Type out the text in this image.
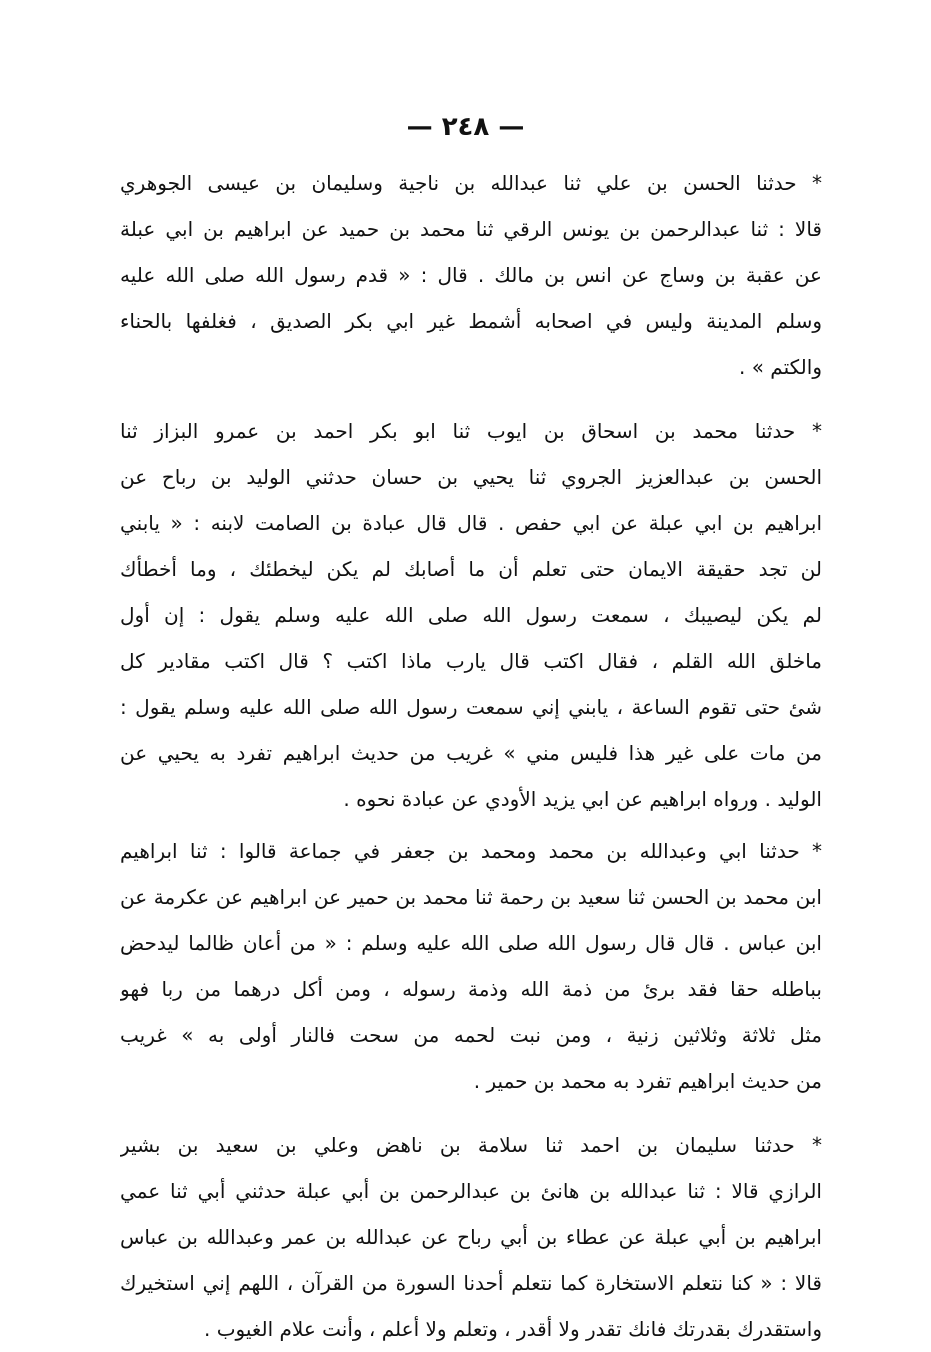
— ٢٤٨ —
* حدثنا الحسن بن علي ثنا عبدالله بن ناجية وسليمان بن عيسى الجوهري
قالا : ثنا عبدالرحمن بن يونس الرقي ثنا محمد بن حميد عن ابراهيم بن ابي عبلة
عن عقبة بن وساج عن انس بن مالك . قال : « قدم رسول الله صلى الله عليه
وسلم المدينة وليس في اصحابه أشمط غير ابي بكر الصديق ، فغلفها بالحناء
والكتم » .
* حدثنا محمد بن اسحاق بن ايوب ثنا ابو بكر احمد بن عمرو البزاز ثنا
الحسن بن عبدالعزيز الجروي ثنا يحيي بن حسان حدثني الوليد بن رباح عن
ابراهيم بن ابي عبلة عن ابي حفص . قال قال عبادة بن الصامت لابنه : « يابني
لن تجد حقيقة الايمان حتى تعلم أن ما أصابك لم يكن ليخطئك ، وما أخطأك
لم يكن ليصيبك ، سمعت رسول الله صلى الله عليه وسلم يقول : إن أول
ماخلق الله القلم ، فقال اكتب قال يارب ماذا اكتب ؟ قال اكتب مقادير كل
شئ حتى تقوم الساعة ، يابني إني سمعت رسول الله صلى الله عليه وسلم يقول :
من مات على غير هذا فليس مني » غريب من حديث ابراهيم تفرد به يحيي عن
الوليد . ورواه ابراهيم عن ابي يزيد الأودي عن عبادة نحوه .
* حدثنا ابي وعبدالله بن محمد ومحمد بن جعفر في جماعة قالوا : ثنا ابراهيم
ابن محمد بن الحسن ثنا سعيد بن رحمة ثنا محمد بن حمير عن ابراهيم عن عكرمة عن
ابن عباس . قال قال رسول الله صلى الله عليه وسلم : « من أعان ظالما ليدحض
بباطله حقا فقد برئ من ذمة الله وذمة رسوله ، ومن أكل درهما من ربا فهو
مثل ثلاثة وثلاثين زنية ، ومن نبت لحمه من سحت فالنار أولى به » غريب
من حديث ابراهيم تفرد به محمد بن حمير .
* حدثنا سليمان بن احمد ثنا سلامة بن ناهض وعلي بن سعيد بن بشير
الرازي قالا : ثنا عبدالله بن هانئ بن عبدالرحمن بن أبي عبلة حدثني أبي ثنا عمي
ابراهيم بن أبي عبلة عن عطاء بن أبي رباح عن عبدالله بن عمر وعبدالله بن عباس
قالا : « كنا نتعلم الاستخارة كما نتعلم أحدنا السورة من القرآن ، اللهم إني استخيرك
واستقدرك بقدرتك فانك تقدر ولا أقدر ، وتعلم ولا أعلم ، وأنت علام الغيوب .
